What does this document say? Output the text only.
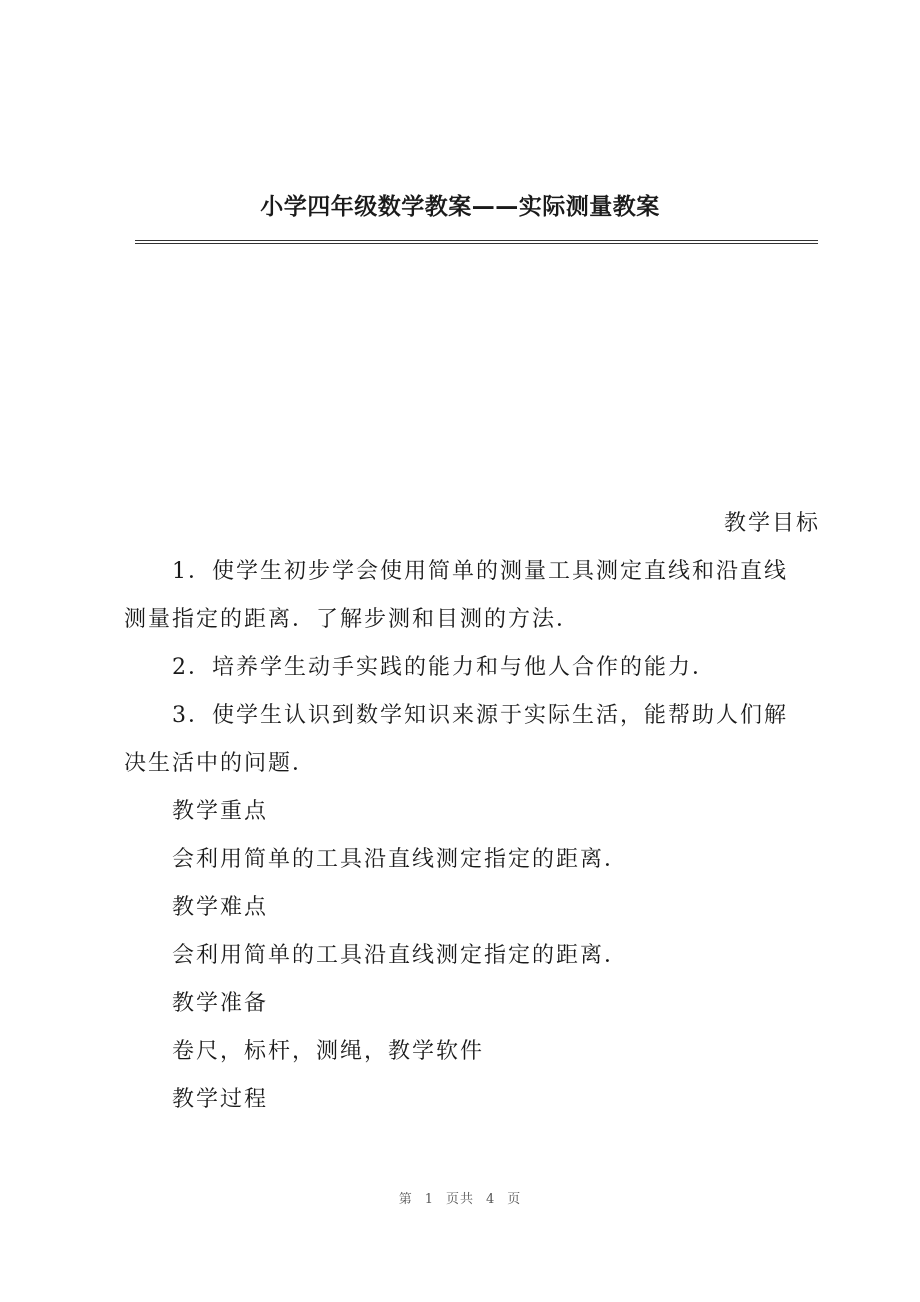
小学四年级数学教案——实际测量教案
教学目标
1．使学生初步学会使用简单的测量工具测定直线和沿直线
测量指定的距离．了解步测和目测的方法．
2．培养学生动手实践的能力和与他人合作的能力．
3．使学生认识到数学知识来源于实际生活，能帮助人们解
决生活中的问题．
教学重点
会利用简单的工具沿直线测定指定的距离．
教学难点
会利用简单的工具沿直线测定指定的距离．
教学准备
卷尺，标杆，测绳，教学软件
教学过程
第 1 页共 4 页
